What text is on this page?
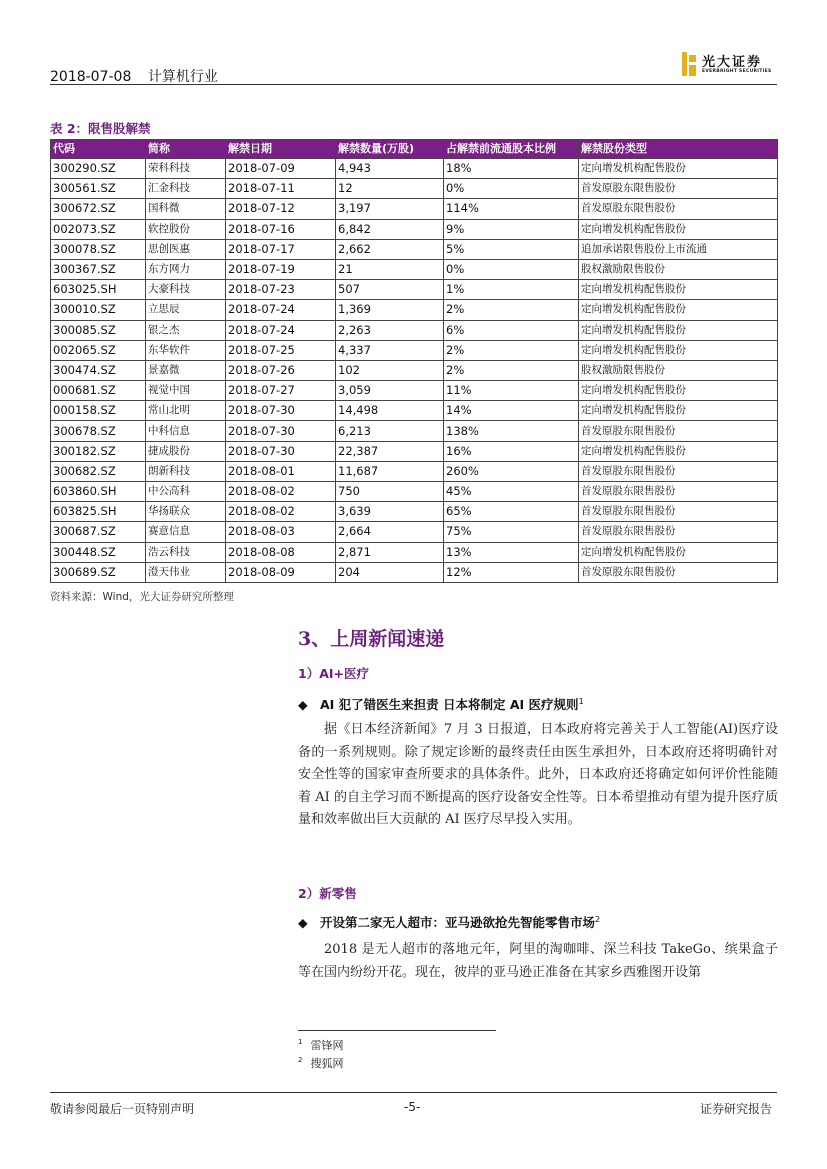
2018-07-08 计算机行业
光大证券
EVERBRIGHT SECURITIES
表 2：限售股解禁
代码	简称	解禁日期	解禁数量(万股)	占解禁前流通股本比例	解禁股份类型
300290.SZ	荣科科技	2018-07-09	4,943	18%	定向增发机构配售股份
300561.SZ	汇金科技	2018-07-11	12	0%	首发原股东限售股份
300672.SZ	国科微	2018-07-12	3,197	114%	首发原股东限售股份
002073.SZ	软控股份	2018-07-16	6,842	9%	定向增发机构配售股份
300078.SZ	思创医惠	2018-07-17	2,662	5%	追加承诺限售股份上市流通
300367.SZ	东方网力	2018-07-19	21	0%	股权激励限售股份
603025.SH	大豪科技	2018-07-23	507	1%	定向增发机构配售股份
300010.SZ	立思辰	2018-07-24	1,369	2%	定向增发机构配售股份
300085.SZ	银之杰	2018-07-24	2,263	6%	定向增发机构配售股份
002065.SZ	东华软件	2018-07-25	4,337	2%	定向增发机构配售股份
300474.SZ	景嘉微	2018-07-26	102	2%	股权激励限售股份
000681.SZ	视觉中国	2018-07-27	3,059	11%	定向增发机构配售股份
000158.SZ	常山北明	2018-07-30	14,498	14%	定向增发机构配售股份
300678.SZ	中科信息	2018-07-30	6,213	138%	首发原股东限售股份
300182.SZ	捷成股份	2018-07-30	22,387	16%	定向增发机构配售股份
300682.SZ	朗新科技	2018-08-01	11,687	260%	首发原股东限售股份
603860.SH	中公高科	2018-08-02	750	45%	首发原股东限售股份
603825.SH	华扬联众	2018-08-02	3,639	65%	首发原股东限售股份
300687.SZ	赛意信息	2018-08-03	2,664	75%	首发原股东限售股份
300448.SZ	浩云科技	2018-08-08	2,871	13%	定向增发机构配售股份
300689.SZ	澄天伟业	2018-08-09	204	12%	首发原股东限售股份
资料来源：Wind，光大证券研究所整理
3、上周新闻速递
1）AI+医疗
◆ AI 犯了错医生来担责 日本将制定 AI 医疗规则$^1$
据《日本经济新闻》7 月 3 日报道，日本政府将完善关于人工智能(AI)医疗设备的一系列规则。除了规定诊断的最终责任由医生承担外，日本政府还将明确针对安全性等的国家审查所要求的具体条件。此外，日本政府还将确定如何评价性能随着 AI 的自主学习而不断提高的医疗设备安全性等。日本希望推动有望为提升医疗质量和效率做出巨大贡献的 AI 医疗尽早投入实用。
2）新零售
◆ 开设第二家无人超市：亚马逊欲抢先智能零售市场$^2$
2018 是无人超市的落地元年，阿里的淘咖啡、深兰科技 TakeGo、缤果盒子等在国内纷纷开花。现在，彼岸的亚马逊正准备在其家乡西雅图开设第
$^1$ 雷锋网
$^2$ 搜狐网
敬请参阅最后一页特别声明	-5-	证券研究报告
